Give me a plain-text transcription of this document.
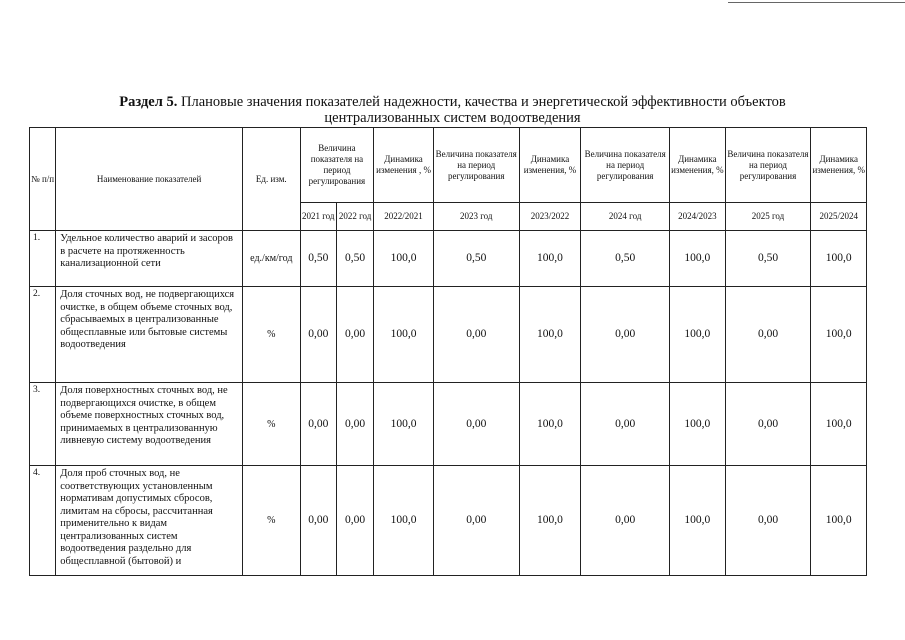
Раздел 5. Плановые значения показателей надежности, качества и энергетической эффективности объектов
централизованных систем водоотведения
№ п/п	Наименование показателей	Ед. изм.	Величина показателя на период регулирования		Динамика изменения , %	Величина показателя на период регулирования	Динамика изменения, %	Величина показателя на период регулирования	Динамика изменения, %	Величина показателя на период регулирования	Динамика изменения, %
			2021 год	2022 год	2022/2021	2023 год	2023/2022	2024 год	2024/2023	2025 год	2025/2024
1.	Удельное количество аварий и засоров в расчете на протяженность канализационной сети	ед./км/год	0,50	0,50	100,0	0,50	100,0	0,50	100,0	0,50	100,0
2.	Доля сточных вод, не подвергающихся очистке, в общем объеме сточных вод, сбрасываемых в централизованные общесплавные или бытовые системы водоотведения	%	0,00	0,00	100,0	0,00	100,0	0,00	100,0	0,00	100,0
3.	Доля поверхностных сточных вод, не подвергающихся очистке, в общем объеме поверхностных сточных вод, принимаемых в централизованную ливневую систему водоотведения	%	0,00	0,00	100,0	0,00	100,0	0,00	100,0	0,00	100,0
4.	Доля проб сточных вод, не соответствующих установленным нормативам допустимых сбросов, лимитам на сбросы, рассчитанная применительно к видам централизованных систем водоотведения раздельно для общесплавной (бытовой) и	%	0,00	0,00	100,0	0,00	100,0	0,00	100,0	0,00	100,0
